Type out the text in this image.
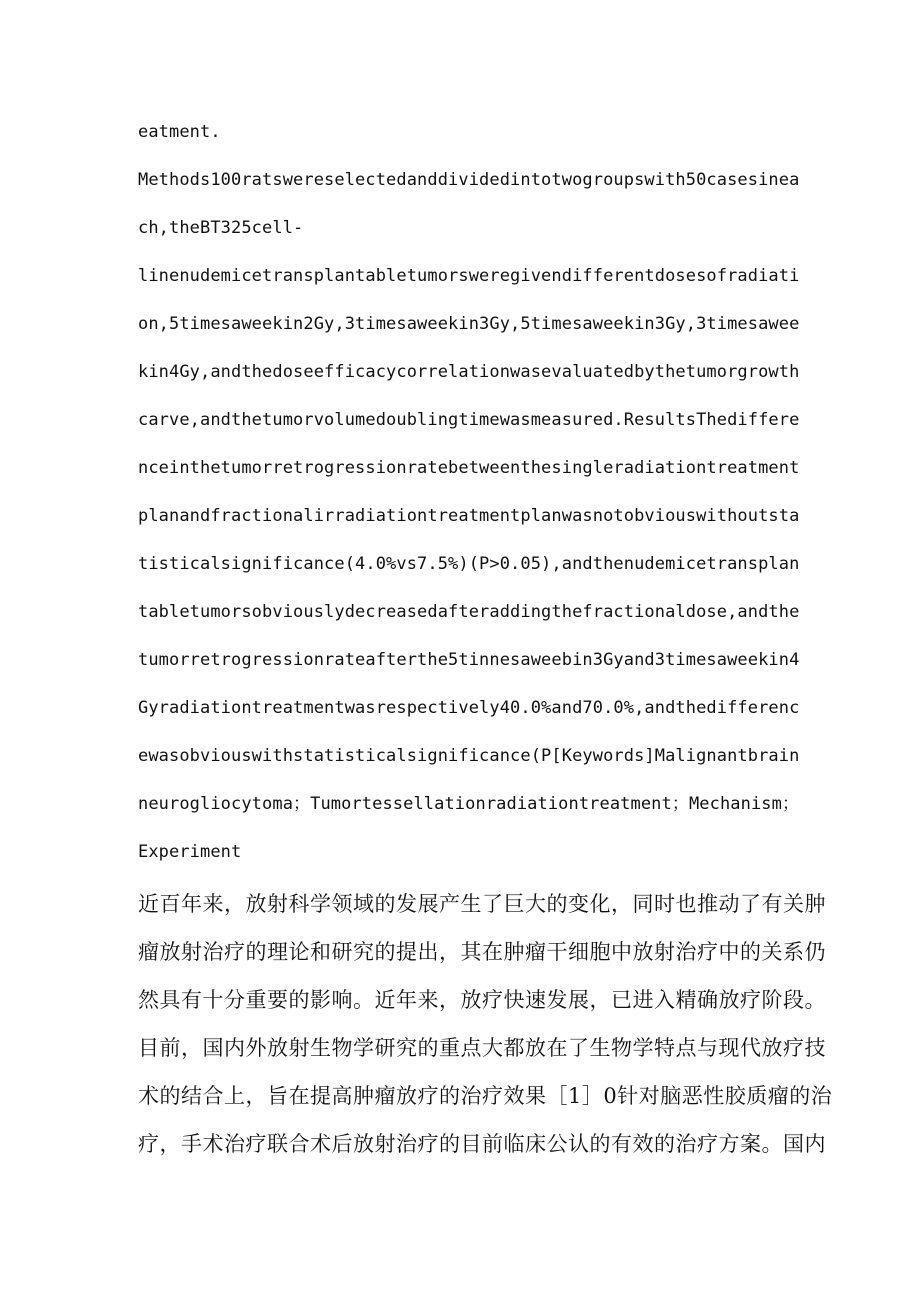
eatment.

Methods100ratswereselectedanddividedintotwogroupswith50casesinea

ch,theBT325cell-

linenudemicetransplantabletumorsweregivendifferentdosesofradiati

on,5timesaweekin2Gy,3timesaweekin3Gy,5timesaweekin3Gy,3timesawee

kin4Gy,andthedoseefficacycorrelationwasevaluatedbythetumorgrowth

carve,andthetumorvolumedoublingtimewasmeasured.ResultsThediffere

nceinthetumorretrogressionratebetweenthesingleradiationtreatment

planandfractionalirradiationtreatmentplanwasnotobviouswithoutsta

tisticalsignificance(4.0%vs7.5%)(P>0.05),andthenudemicetransplan

tabletumorsobviouslydecreasedafteraddingthefractionaldose,andthe

tumorretrogressionrateafterthe5tinnesaweebin3Gyand3timesaweekin4

Gyradiationtreatmentwasrespectively40.0%and70.0%,andthedifferenc

ewasobviouswithstatisticalsignificance(P[Keywords]Malignantbrain

neurogliocytoma；Tumortessellationradiationtreatment；Mechanism；

Experiment

近百年来，放射科学领域的发展产生了巨大的变化，同时也推动了有关肿

瘤放射治疗的理论和研究的提出，其在肿瘤干细胞中放射治疗中的关系仍

然具有十分重要的影响。近年来，放疗快速发展，已进入精确放疗阶段。

目前，国内外放射生物学研究的重点大都放在了生物学特点与现代放疗技

术的结合上，旨在提高肿瘤放疗的治疗效果［1］0针对脑恶性胶质瘤的治

疗，手术治疗联合术后放射治疗的目前临床公认的有效的治疗方案。国内
